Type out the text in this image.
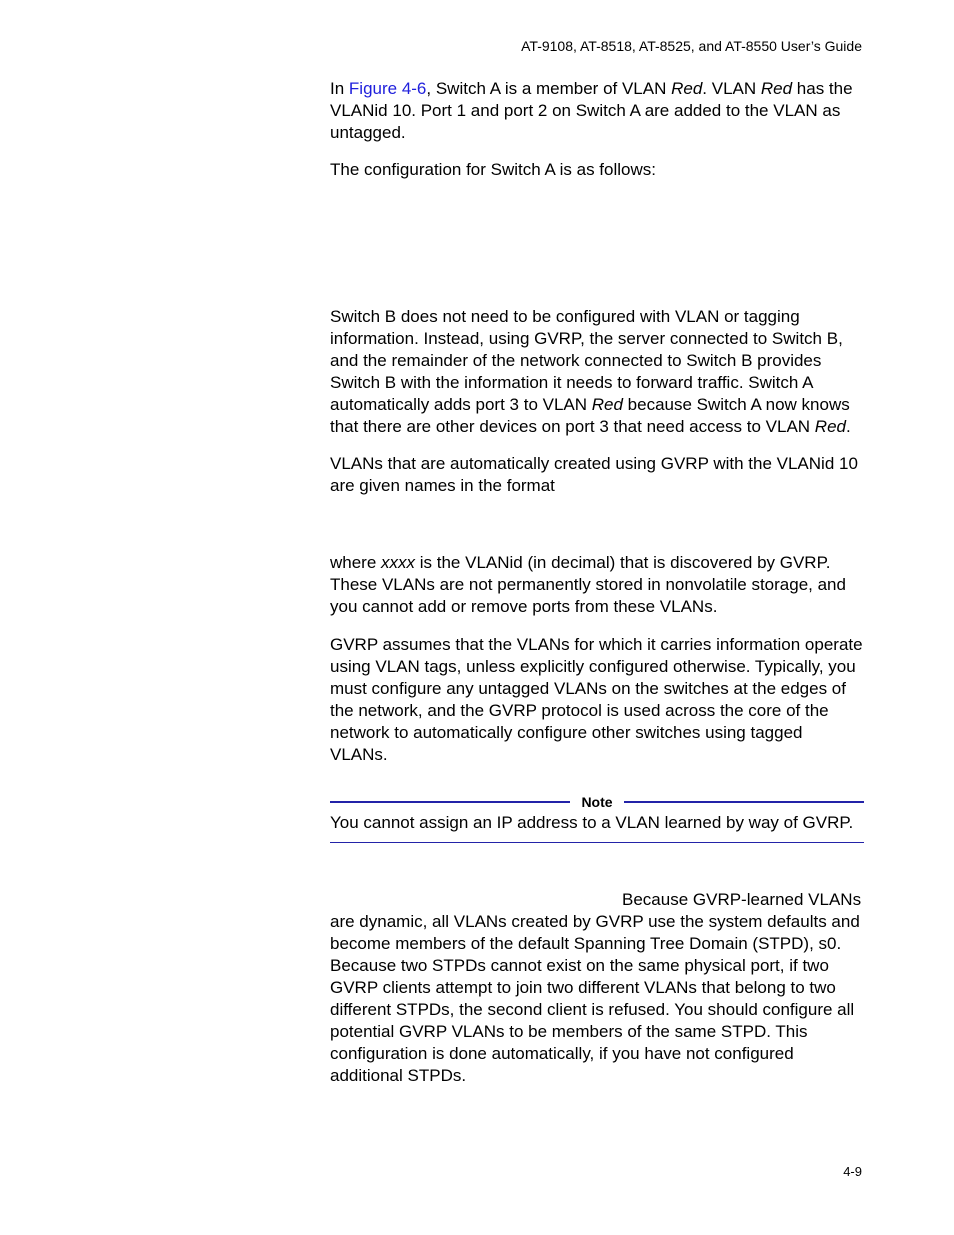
AT-9108, AT-8518, AT-8525, and AT-8550 User’s Guide

In Figure 4-6, Switch A is a member of VLAN Red. VLAN Red has the VLANid 10. Port 1 and port 2 on Switch A are added to the VLAN as untagged.

The configuration for Switch A is as follows:

Switch B does not need to be configured with VLAN or tagging information. Instead, using GVRP, the server connected to Switch B, and the remainder of the network connected to Switch B provides Switch B with the information it needs to forward traffic. Switch A automatically adds port 3 to VLAN Red because Switch A now knows that there are other devices on port 3 that need access to VLAN Red.

VLANs that are automatically created using GVRP with the VLANid 10 are given names in the format

where xxxx is the VLANid (in decimal) that is discovered by GVRP. These VLANs are not permanently stored in nonvolatile storage, and you cannot add or remove ports from these VLANs.

GVRP assumes that the VLANs for which it carries information operate using VLAN tags, unless explicitly configured otherwise. Typically, you must configure any untagged VLANs on the switches at the edges of the network, and the GVRP protocol is used across the core of the network to automatically configure other switches using tagged VLANs.

Note
You cannot assign an IP address to a VLAN learned by way of GVRP.

Because GVRP-learned VLANs

are dynamic, all VLANs created by GVRP use the system defaults and become members of the default Spanning Tree Domain (STPD), s0. Because two STPDs cannot exist on the same physical port, if two GVRP clients attempt to join two different VLANs that belong to two different STPDs, the second client is refused. You should configure all potential GVRP VLANs to be members of the same STPD. This configuration is done automatically, if you have not configured additional STPDs.

4-9
